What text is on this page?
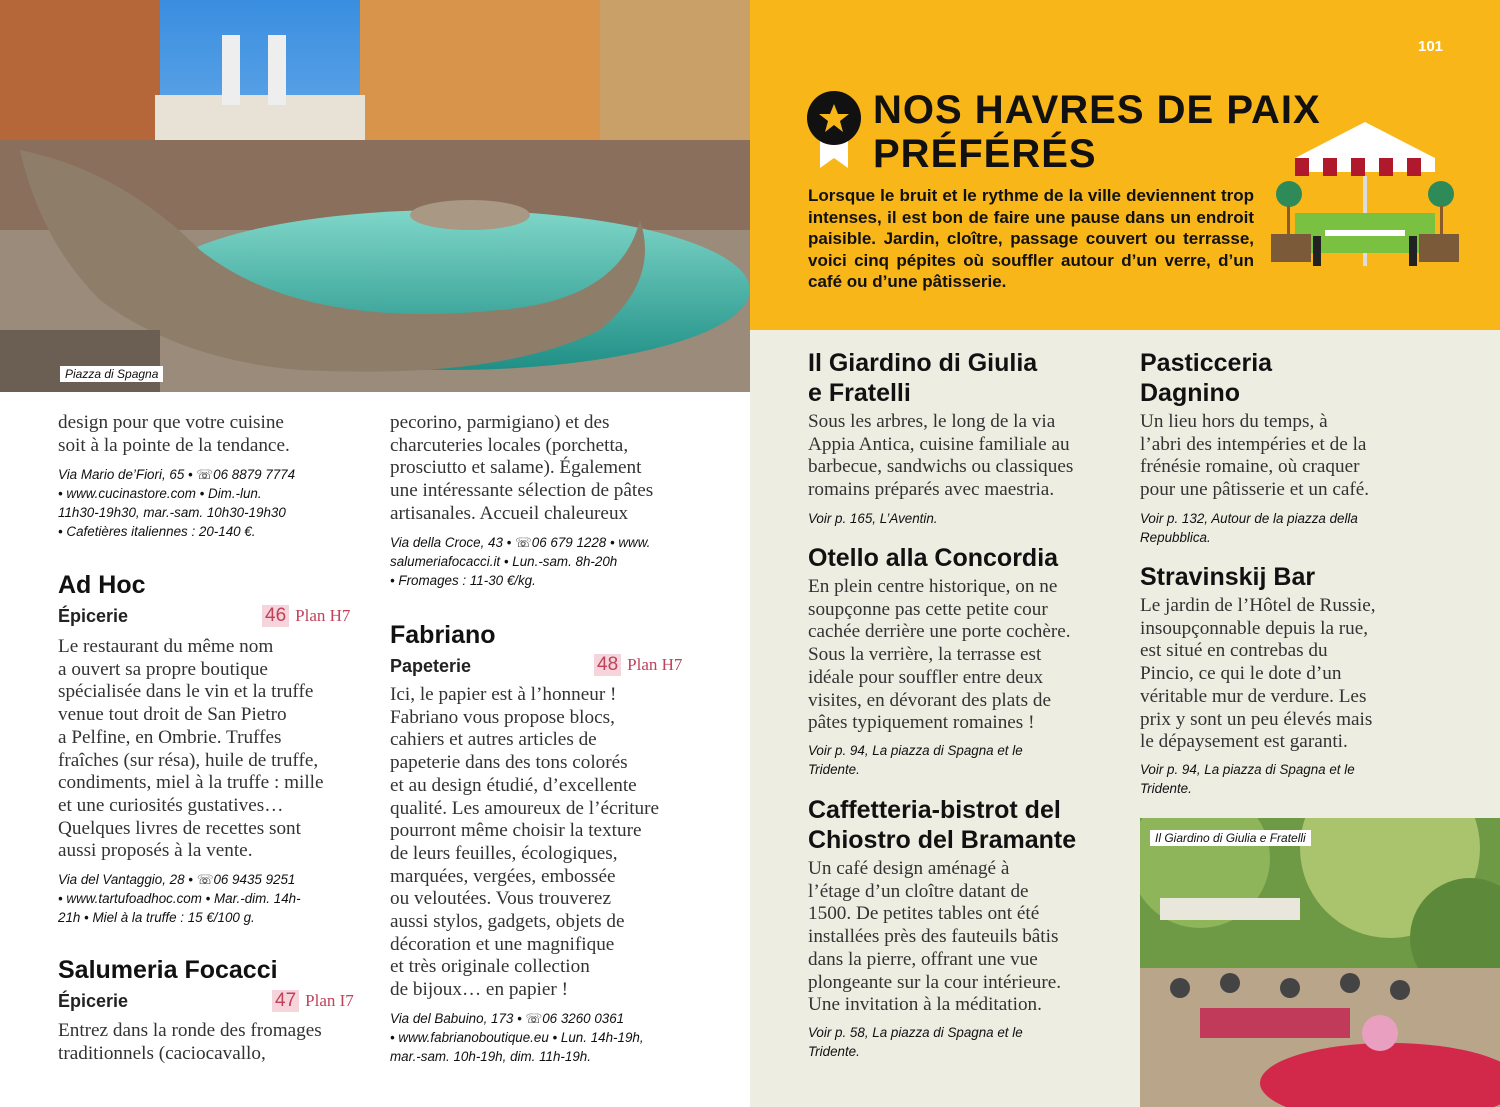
Piazza di Spagna
design pour que votre cuisine
soit à la pointe de la tendance.
Via Mario de’Fiori, 65 • ☏06 8879 7774
• www.cucinastore.com • Dim.-lun.
11h30-19h30, mar.-sam. 10h30-19h30
• Cafetières italiennes : 20-140 €.
Ad Hoc
Épicerie	46 Plan H7
Le restaurant du même nom
a ouvert sa propre boutique
spécialisée dans le vin et la truffe
venue tout droit de San Pietro
a Pelfine, en Ombrie. Truffes
fraîches (sur résa), huile de truffe,
condiments, miel à la truffe : mille
et une curiosités gustatives…
Quelques livres de recettes sont
aussi proposés à la vente.
Via del Vantaggio, 28 • ☏06 9435 9251
• www.tartufoadhoc.com • Mar.-dim. 14h-
21h • Miel à la truffe : 15 €/100 g.
Salumeria Focacci
Épicerie	47 Plan I7
Entrez dans la ronde des fromages
traditionnels (caciocavallo,
pecorino, parmigiano) et des
charcuteries locales (porchetta,
prosciutto et salame). Également
une intéressante sélection de pâtes
artisanales. Accueil chaleureux
Via della Croce, 43 • ☏06 679 1228 • www.
salumeriafocacci.it • Lun.-sam. 8h-20h
• Fromages : 11-30 €/kg.
Fabriano
Papeterie	48 Plan H7
Ici, le papier est à l’honneur !
Fabriano vous propose blocs,
cahiers et autres articles de
papeterie dans des tons colorés
et au design étudié, d’excellente
qualité. Les amoureux de l’écriture
pourront même choisir la texture
de leurs feuilles, écologiques,
marquées, vergées, embossée
ou veloutées. Vous trouverez
aussi stylos, gadgets, objets de
décoration et une magnifique
et très originale collection
de bijoux… en papier !
Via del Babuino, 173 • ☏06 3260 0361
• www.fabrianoboutique.eu • Lun. 14h-19h,
mar.-sam. 10h-19h, dim. 11h-19h.
101
NOS HAVRES DE PAIX
PRÉFÉRÉS
Lorsque le bruit et le rythme de la ville deviennent trop intenses, il est bon de faire une pause dans un endroit paisible. Jardin, cloître, passage couvert ou terrasse, voici cinq pépites où souffler autour d’un verre, d’un café ou d’une pâtisserie.
Il Giardino di Giulia
e Fratelli
Sous les arbres, le long de la via
Appia Antica, cuisine familiale au
barbecue, sandwichs ou classiques
romains préparés avec maestria.
Voir p. 165, L’Aventin.
Otello alla Concordia
En plein centre historique, on ne
soupçonne pas cette petite cour
cachée derrière une porte cochère.
Sous la verrière, la terrasse est
idéale pour souffler entre deux
visites, en dévorant des plats de
pâtes typiquement romaines !
Voir p. 94, La piazza di Spagna et le
Tridente.
Caffetteria-bistrot del
Chiostro del Bramante
Un café design aménagé à
l’étage d’un cloître datant de
1500. De petites tables ont été
installées près des fauteuils bâtis
dans la pierre, offrant une vue
plongeante sur la cour intérieure.
Une invitation à la méditation.
Voir p. 58, La piazza di Spagna et le
Tridente.
Pasticceria
Dagnino
Un lieu hors du temps, à
l’abri des intempéries et de la
frénésie romaine, où craquer
pour une pâtisserie et un café.
Voir p. 132, Autour de la piazza della
Repubblica.
Stravinskij Bar
Le jardin de l’Hôtel de Russie,
insoupçonnable depuis la rue,
est situé en contrebas du
Pincio, ce qui le dote d’un
véritable mur de verdure. Les
prix y sont un peu élevés mais
le dépaysement est garanti.
Voir p. 94, La piazza di Spagna et le
Tridente.
Il Giardino di Giulia e Fratelli
